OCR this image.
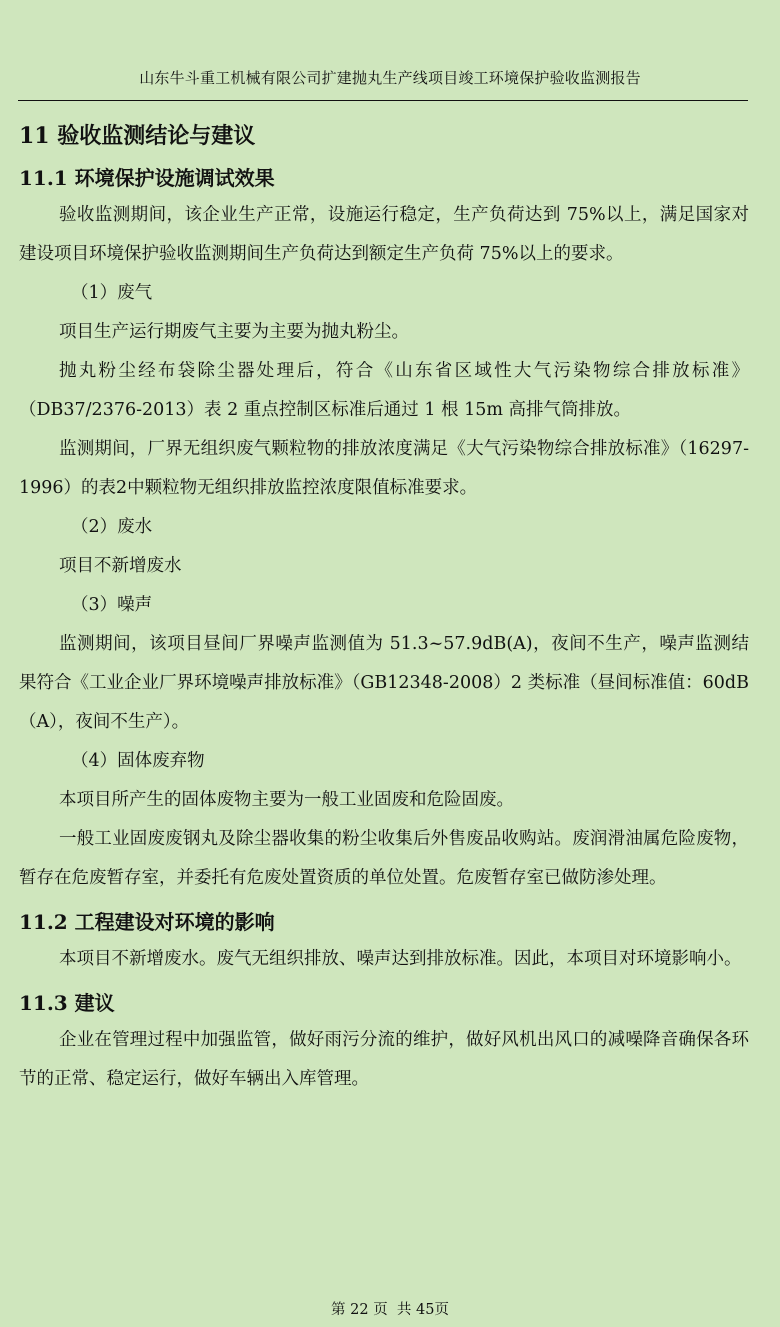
山东牛斗重工机械有限公司扩建抛丸生产线项目竣工环境保护验收监测报告
11 验收监测结论与建议
11.1 环境保护设施调试效果

验收监测期间，该企业生产正常，设施运行稳定，生产负荷达到 75%以上，满足国家对建设项目环境保护验收监测期间生产负荷达到额定生产负荷 75%以上的要求。

（1）废气

项目生产运行期废气主要为主要为抛丸粉尘。

抛丸粉尘经布袋除尘器处理后，符合《山东省区域性大气污染物综合排放标准》（DB37/2376-2013）表 2 重点控制区标准后通过 1 根 15m 高排气筒排放。

监测期间，厂界无组织废气颗粒物的排放浓度满足《大气污染物综合排放标准》（16297-1996）的表2中颗粒物无组织排放监控浓度限值标准要求。

（2）废水

项目不新增废水

（3）噪声

监测期间，该项目昼间厂界噪声监测值为 51.3~57.9dB(A)，夜间不生产，噪声监测结果符合《工业企业厂界环境噪声排放标准》（GB12348-2008）2 类标准（昼间标准值：60dB（A），夜间不生产）。

（4）固体废弃物

本项目所产生的固体废物主要为一般工业固废和危险固废。

一般工业固废废钢丸及除尘器收集的粉尘收集后外售废品收购站。废润滑油属危险废物，暂存在危废暂存室，并委托有危废处置资质的单位处置。危废暂存室已做防渗处理。

11.2 工程建设对环境的影响

本项目不新增废水。废气无组织排放、噪声达到排放标准。因此，本项目对环境影响小。

11.3 建议

企业在管理过程中加强监管，做好雨污分流的维护，做好风机出风口的减噪降音确保各环节的正常、稳定运行，做好车辆出入库管理。

第 22 页  共 45页
